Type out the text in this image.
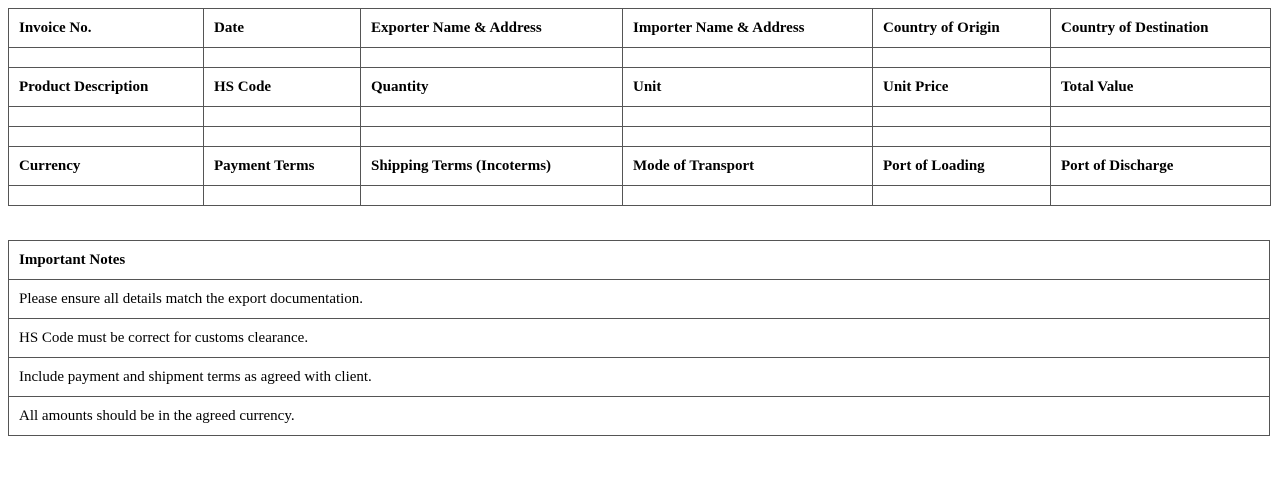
Invoice No.	Date	Exporter Name & Address	Importer Name & Address	Country of Origin	Country of Destination

Product Description	HS Code	Quantity	Unit	Unit Price	Total Value

Currency	Payment Terms	Shipping Terms (Incoterms)	Mode of Transport	Port of Loading	Port of Discharge

Important Notes
Please ensure all details match the export documentation.
HS Code must be correct for customs clearance.
Include payment and shipment terms as agreed with client.
All amounts should be in the agreed currency.
